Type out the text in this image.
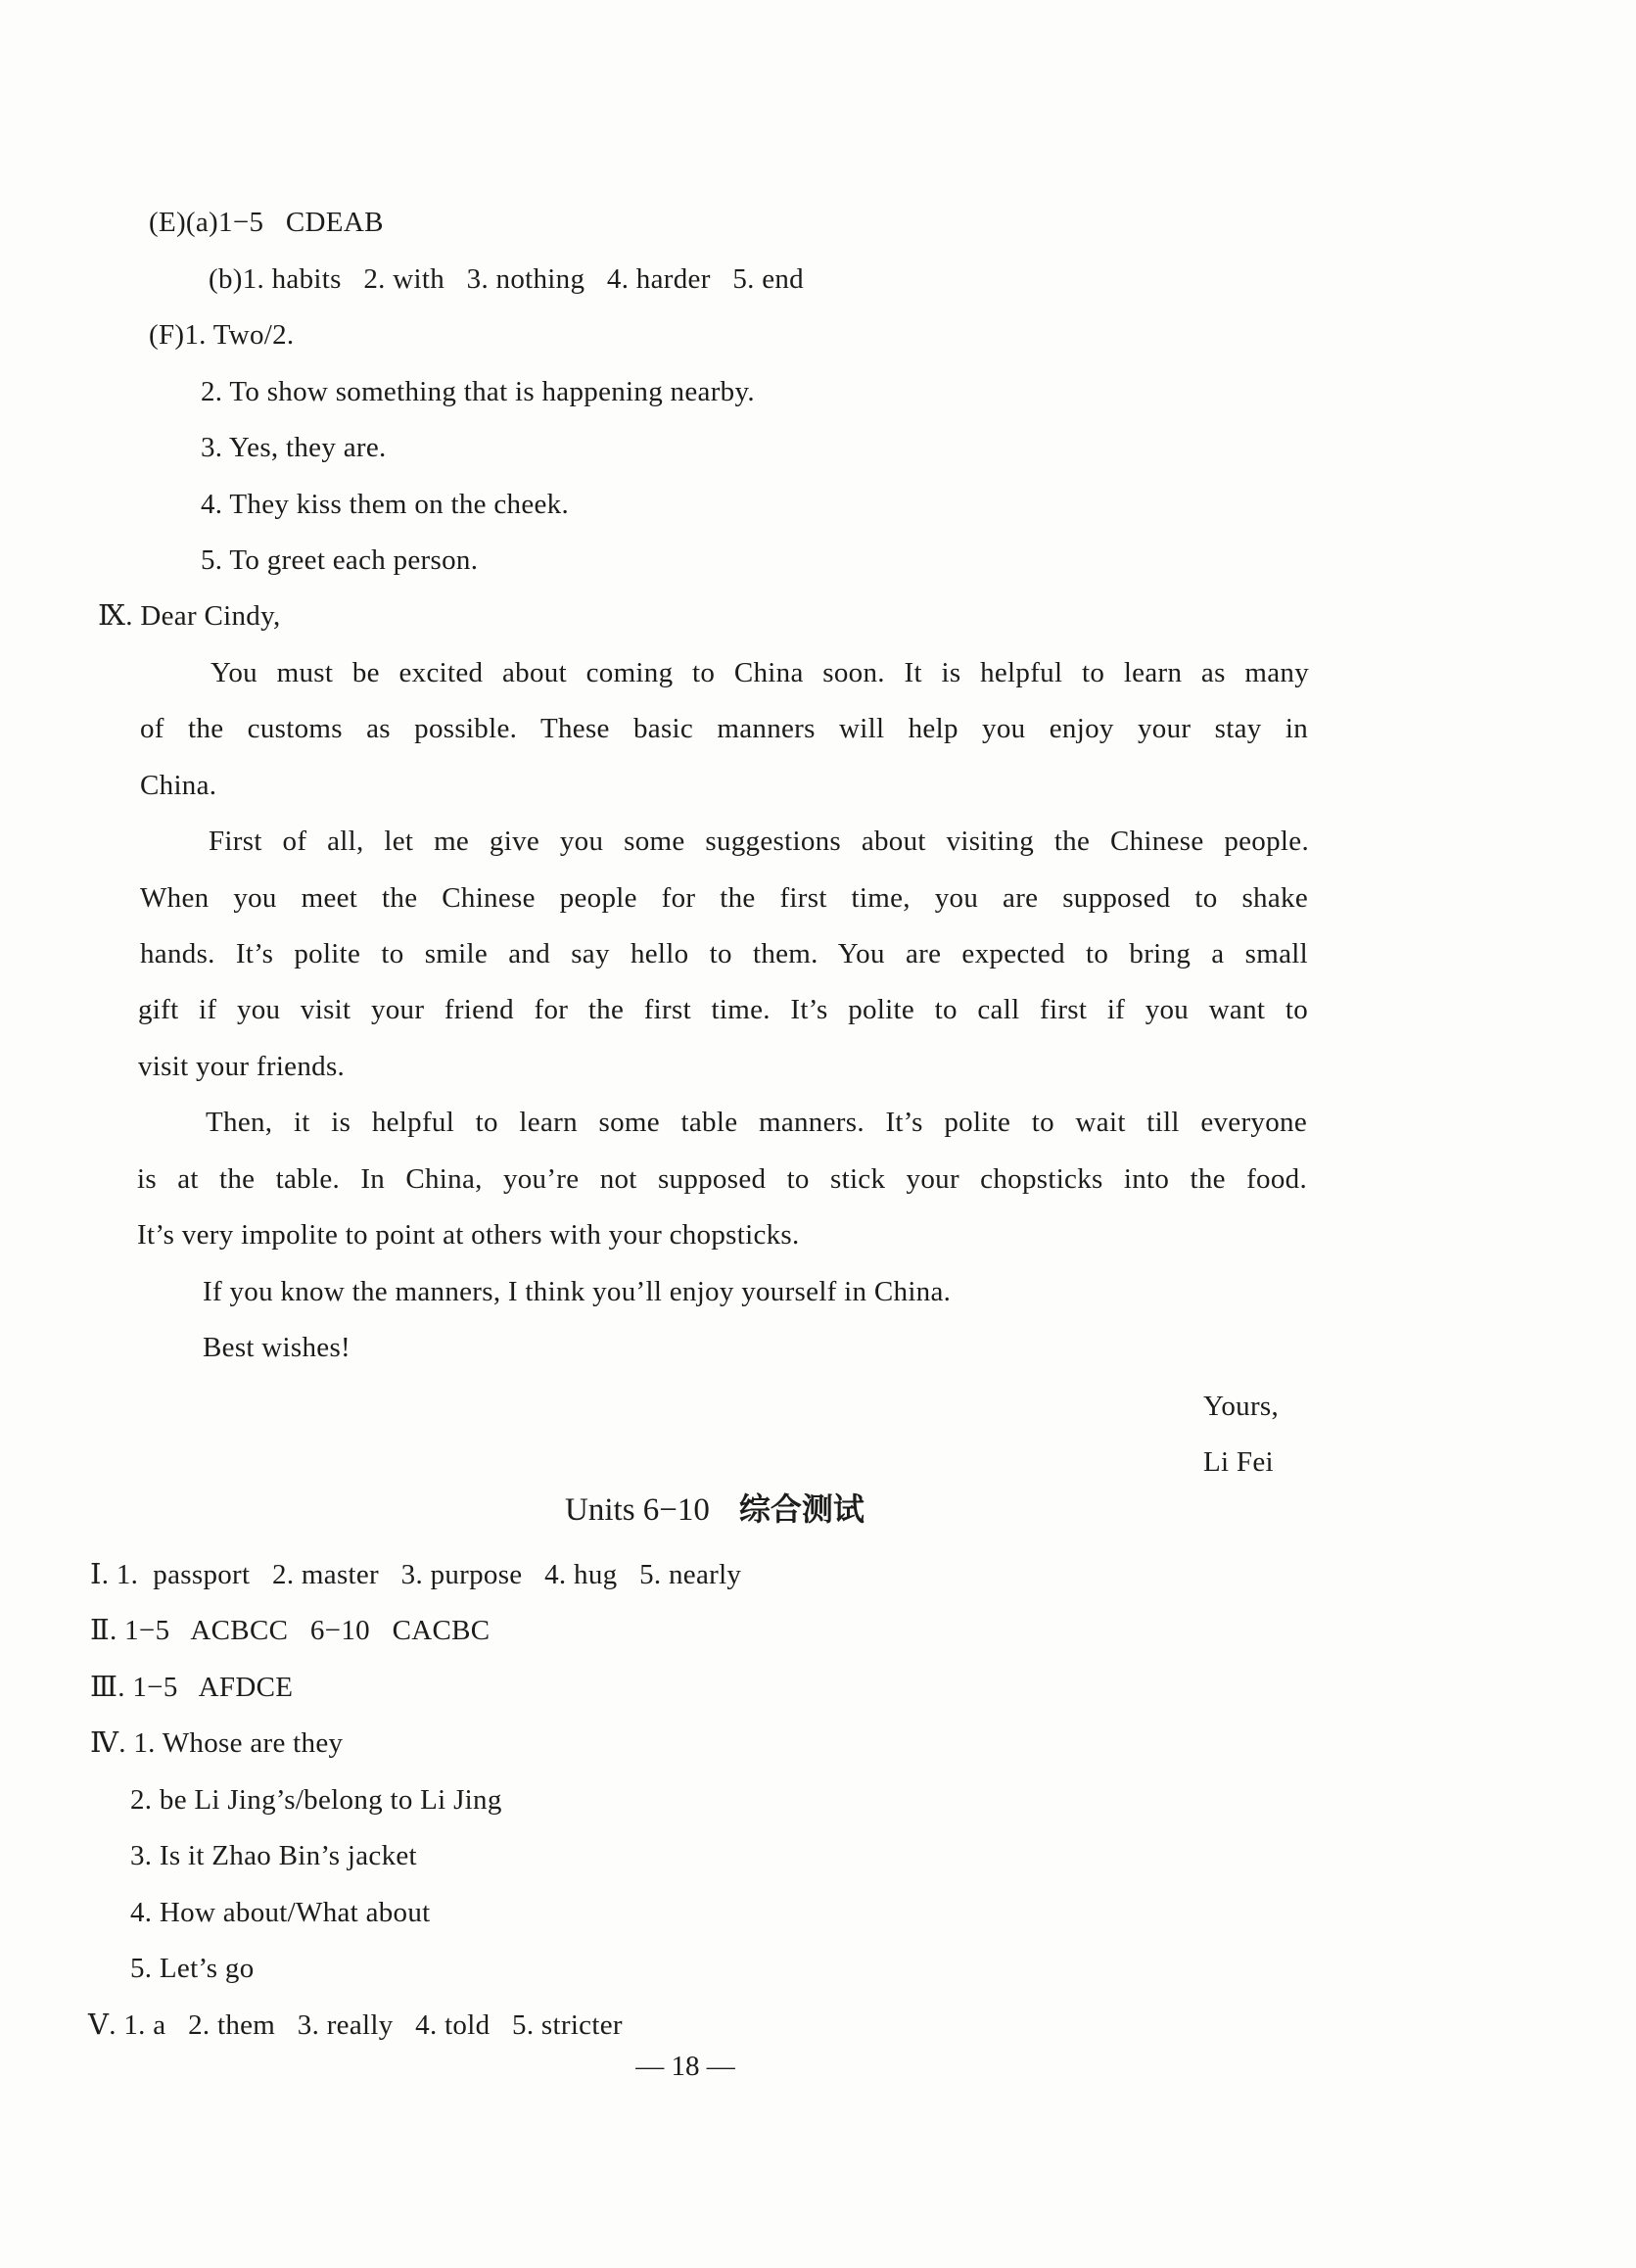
(E)(a)1−5   CDEAB
(b)1. habits   2. with   3. nothing   4. harder   5. end
(F)1. Two/2.
2. To show something that is happening nearby.
3. Yes, they are.
4. They kiss them on the cheek.
5. To greet each person.
Ⅸ. Dear Cindy,
You must be excited about coming to China soon. It is helpful to learn as many
of the customs as possible. These basic manners will help you enjoy your stay in
China.
First of all, let me give you some suggestions about visiting the Chinese people.
When you meet the Chinese people for the first time, you are supposed to shake
hands. It’s polite to smile and say hello to them. You are expected to bring a small
gift if you visit your friend for the first time. It’s polite to call first if you want to
visit your friends.
Then, it is helpful to learn some table manners. It’s polite to wait till everyone
is at the table. In China, you’re not supposed to stick your chopsticks into the food.
It’s very impolite to point at others with your chopsticks.
If you know the manners, I think you’ll enjoy yourself in China.
Best wishes!
Yours,
Li Fei
Units 6−10 综合测试
Ⅰ. 1.  passport   2. master   3. purpose   4. hug   5. nearly
Ⅱ. 1−5   ACBCC   6−10   CACBC
Ⅲ. 1−5   AFDCE
Ⅳ. 1. Whose are they
2. be Li Jing’s/belong to Li Jing
3. Is it Zhao Bin’s jacket
4. How about/What about
5. Let’s go
Ⅴ. 1. a   2. them   3. really   4. told   5. stricter
— 18 —
